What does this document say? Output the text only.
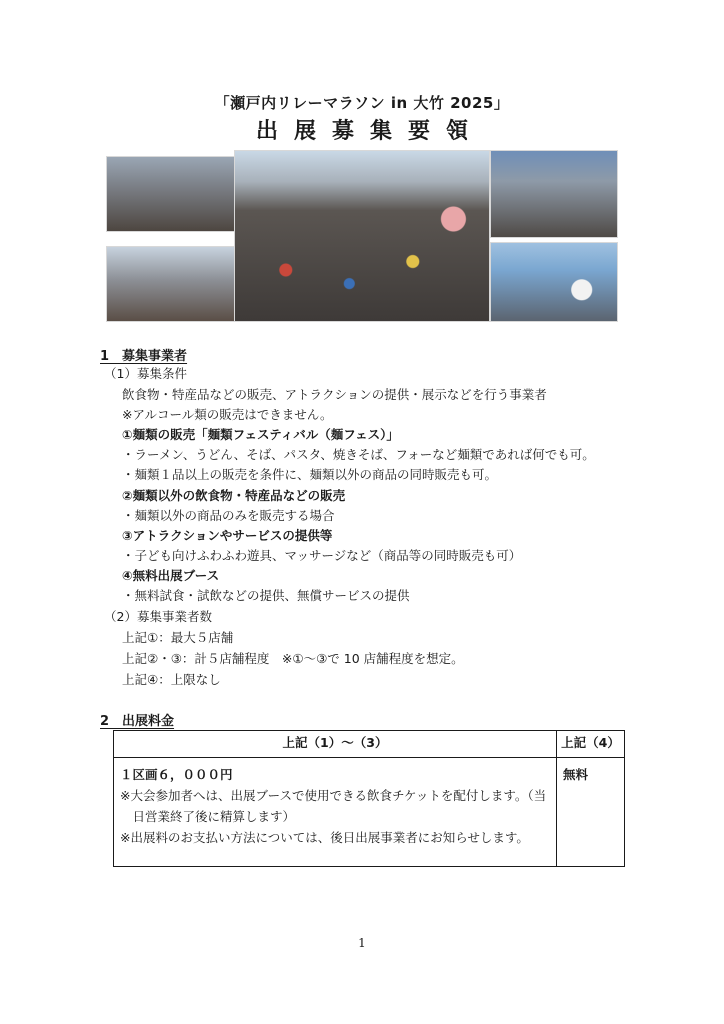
「瀬戸内リレーマラソン in 大竹 2025」
出展募集要領
1　募集事業者
（1）募集条件
飲食物・特産品などの販売、アトラクションの提供・展示などを行う事業者
※アルコール類の販売はできません。
①麺類の販売「麺類フェスティバル（麺フェス）」
・ラーメン、うどん、そば、パスタ、焼きそば、フォーなど麺類であれば何でも可。
・麺類１品以上の販売を条件に、麺類以外の商品の同時販売も可。
②麺類以外の飲食物・特産品などの販売
・麺類以外の商品のみを販売する場合
③アトラクションやサービスの提供等
・子ども向けふわふわ遊具、マッサージなど（商品等の同時販売も可）
④無料出展ブース
・無料試食・試飲などの提供、無償サービスの提供
（2）募集事業者数
上記①：最大５店舗
上記②・③：計５店舗程度　※①～③で 10 店舗程度を想定。
上記④：上限なし
2　出展料金
上記（1）～（3）	上記（4）

１区画６，０００円
※大会参加者へは、出展ブースで使用できる飲食チケットを配付します。（当
　日営業終了後に精算します）
※出展料のお支払い方法については、後日出展事業者にお知らせします。	無料
1
